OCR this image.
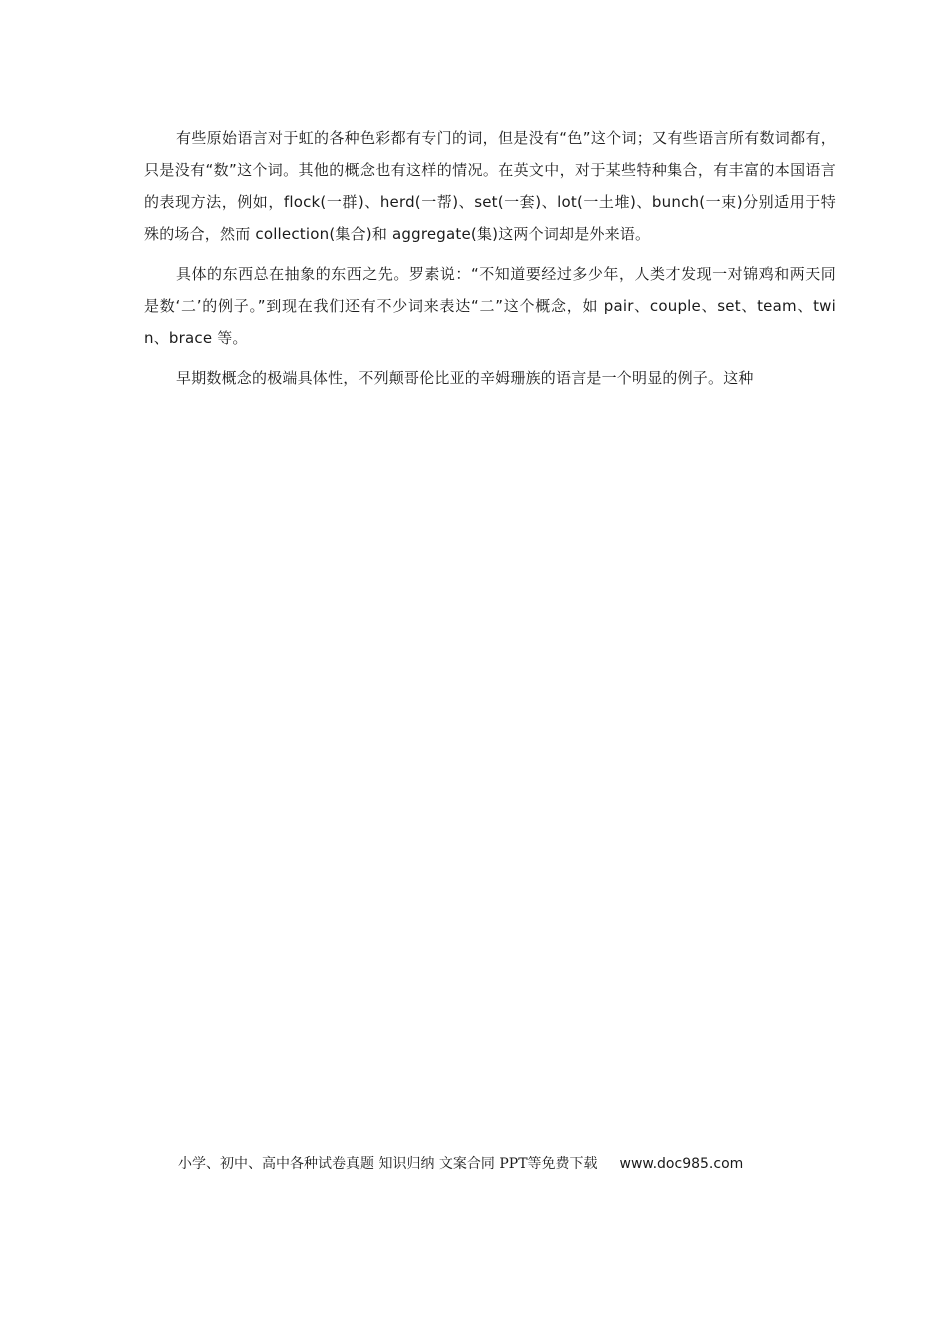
有些原始语言对于虹的各种色彩都有专门的词，但是没有“色”这个词；又有些语言所有数词都有，只是没有“数”这个词。其他的概念也有这样的情况。在英文中，对于某些特种集合，有丰富的本国语言的表现方法，例如，flock(一群)、herd(一帮)、set(一套)、lot(一土堆)、bunch(一束)分别适用于特殊的场合，然而 collection(集合)和 aggregate(集)这两个词却是外来语。

具体的东西总在抽象的东西之先。罗素说：“不知道要经过多少年，人类才发现一对锦鸡和两天同是数‘二’的例子。”到现在我们还有不少词来表达“二”这个概念，如 pair、couple、set、team、twin、brace 等。

早期数概念的极端具体性，不列颠哥伦比亚的辛姆珊族的语言是一个明显的例子。这种

小学、初中、高中各种试卷真题 知识归纳 文案合同 PPT等免费下载 www.doc985.com
